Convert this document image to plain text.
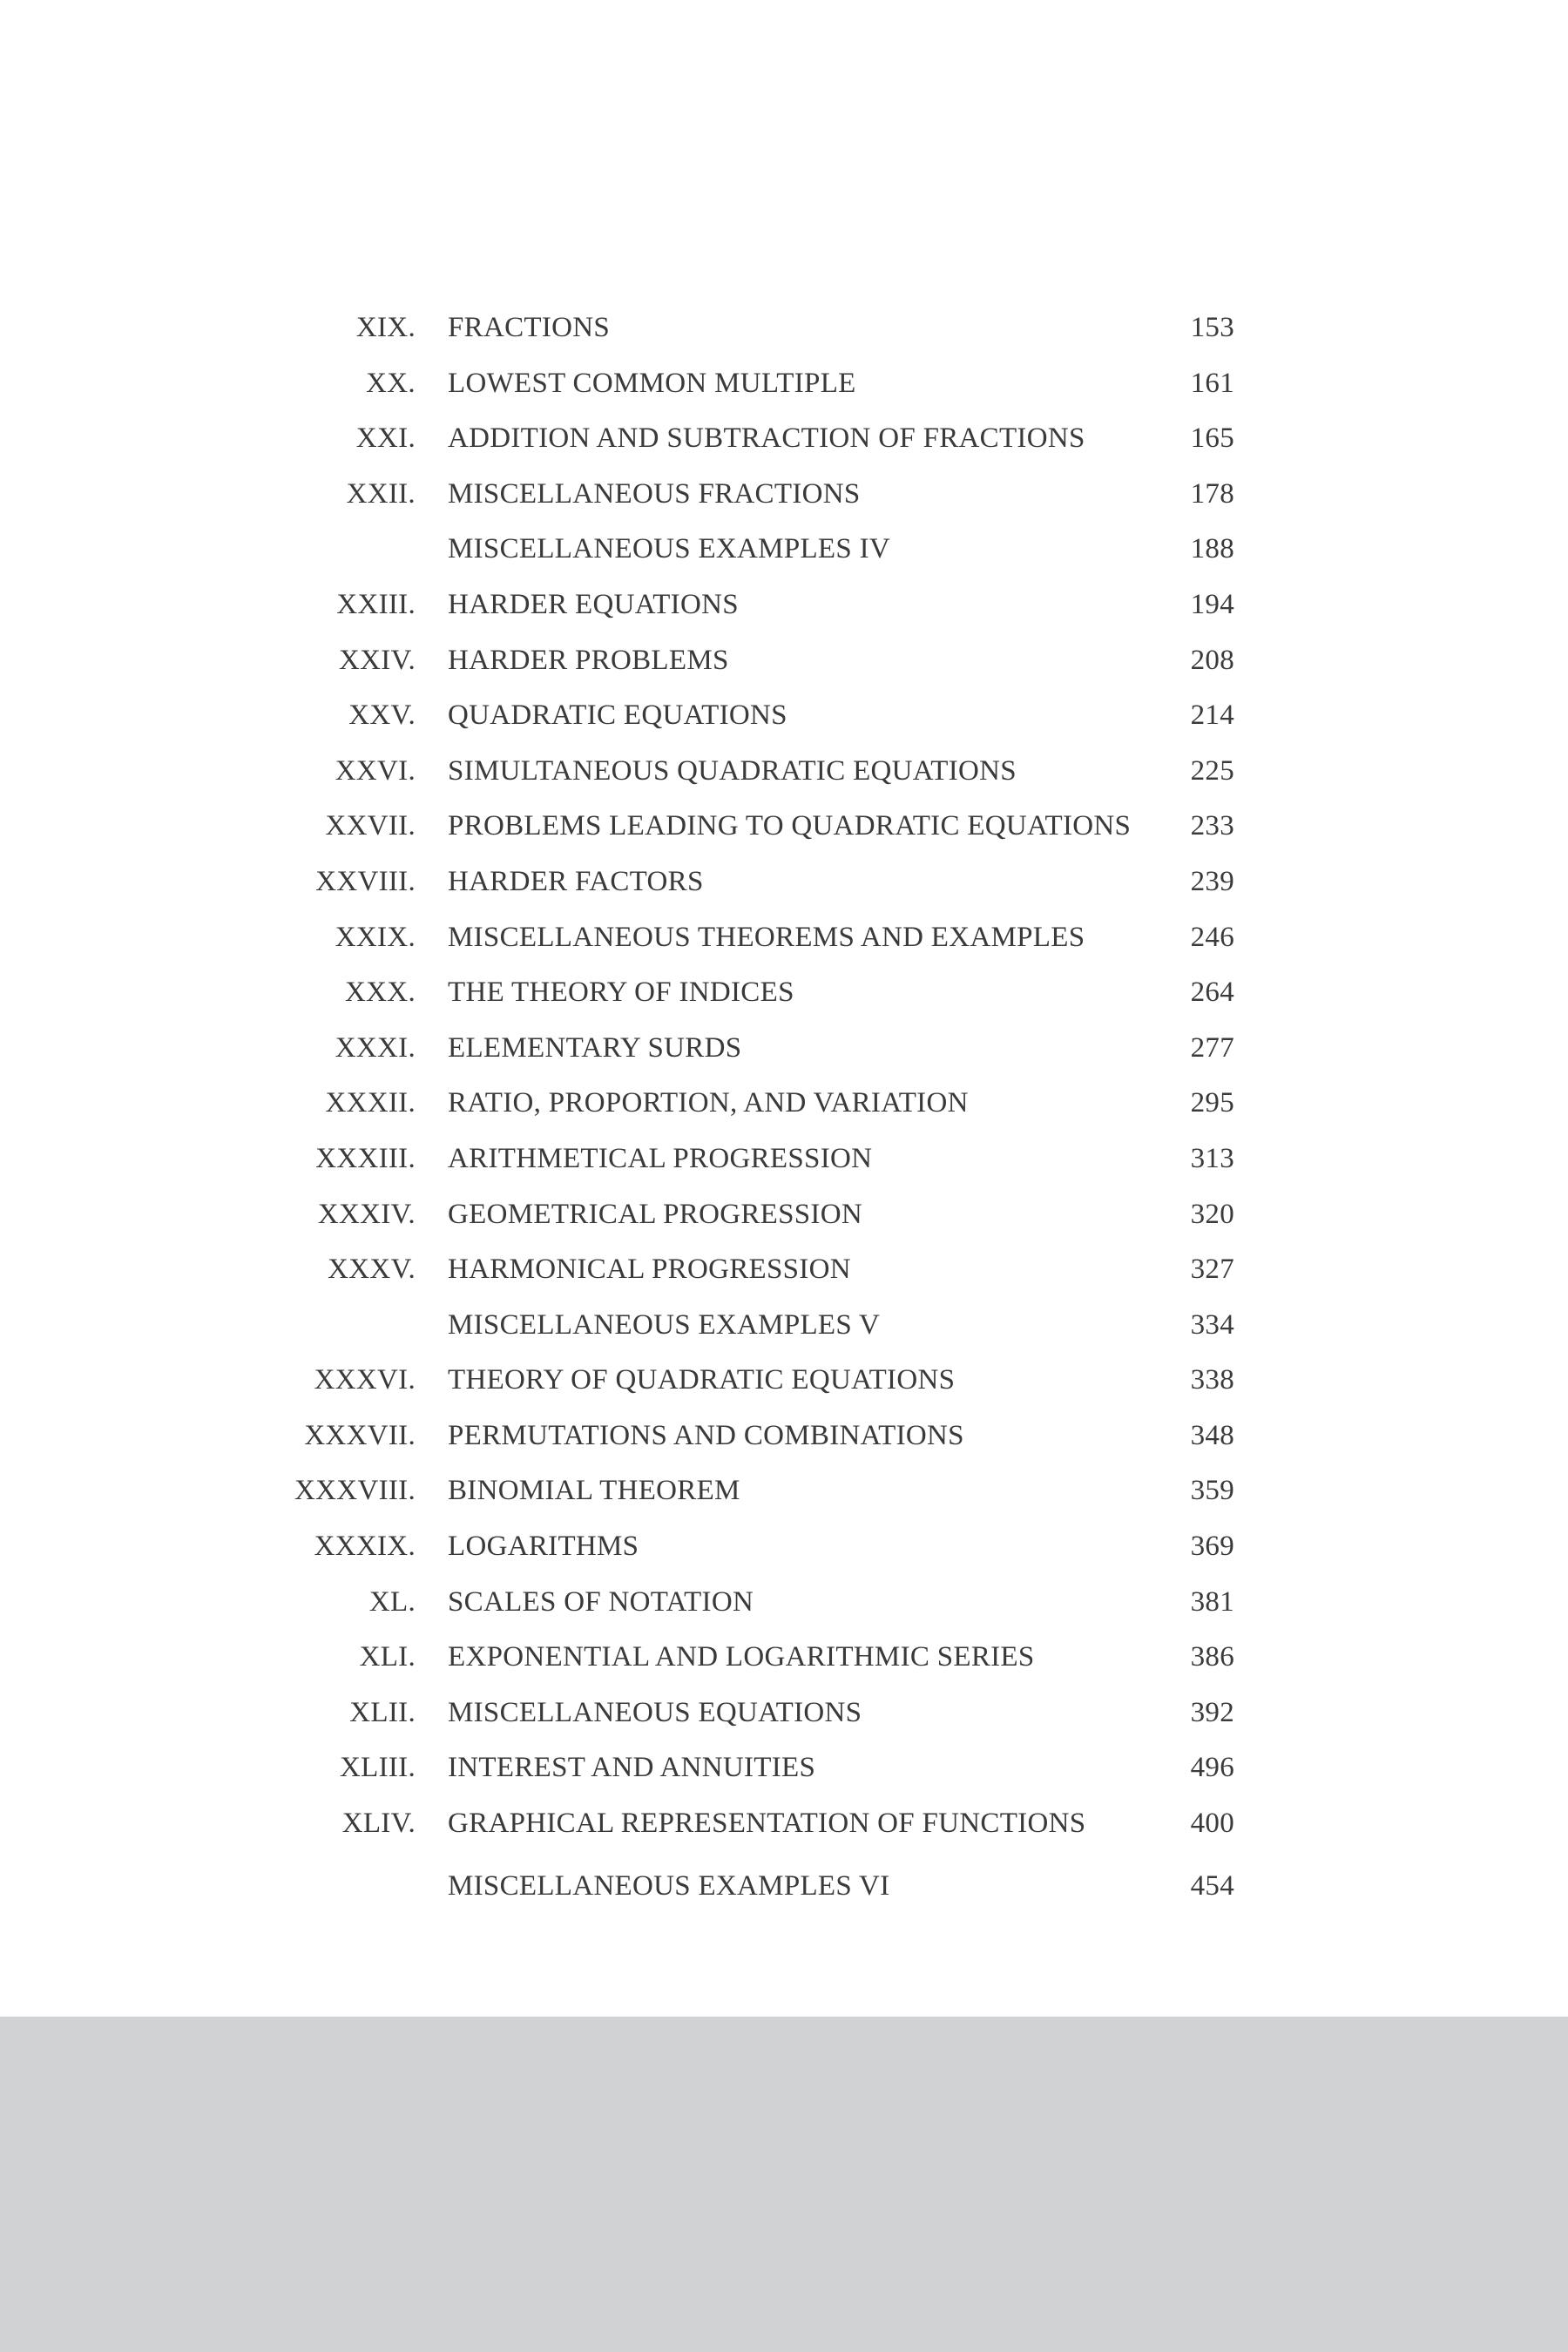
XIX. FRACTIONS	153
XX. LOWEST COMMON MULTIPLE	161
XXI. ADDITION AND SUBTRACTION OF FRACTIONS	165
XXII. MISCELLANEOUS FRACTIONS	178
MISCELLANEOUS EXAMPLES IV	188
XXIII. HARDER EQUATIONS	194
XXIV. HARDER PROBLEMS	208
XXV. QUADRATIC EQUATIONS	214
XXVI. SIMULTANEOUS QUADRATIC EQUATIONS	225
XXVII. PROBLEMS LEADING TO QUADRATIC EQUATIONS 233
XXVIII. HARDER FACTORS	239
XXIX. MISCELLANEOUS THEOREMS AND EXAMPLES	246
XXX. THE THEORY OF INDICES	264
XXXI. ELEMENTARY SURDS	277
XXXII. RATIO, PROPORTION, AND VARIATION	295
XXXIII. ARITHMETICAL PROGRESSION	313
XXXIV. GEOMETRICAL PROGRESSION	320
XXXV. HARMONICAL PROGRESSION	327
MISCELLANEOUS EXAMPLES V	334
XXXVI. THEORY OF QUADRATIC EQUATIONS	338
XXXVII. PERMUTATIONS AND COMBINATIONS	348
XXXVIII. BINOMIAL THEOREM	359
XXXIX. LOGARITHMS	369
XL. SCALES OF NOTATION	381
XLI. EXPONENTIAL AND LOGARITHMIC SERIES	386
XLII. MISCELLANEOUS EQUATIONS	392
XLIII. INTEREST AND ANNUITIES	496
XLIV. GRAPHICAL REPRESENTATION OF FUNCTIONS	400
MISCELLANEOUS EXAMPLES VI	454
